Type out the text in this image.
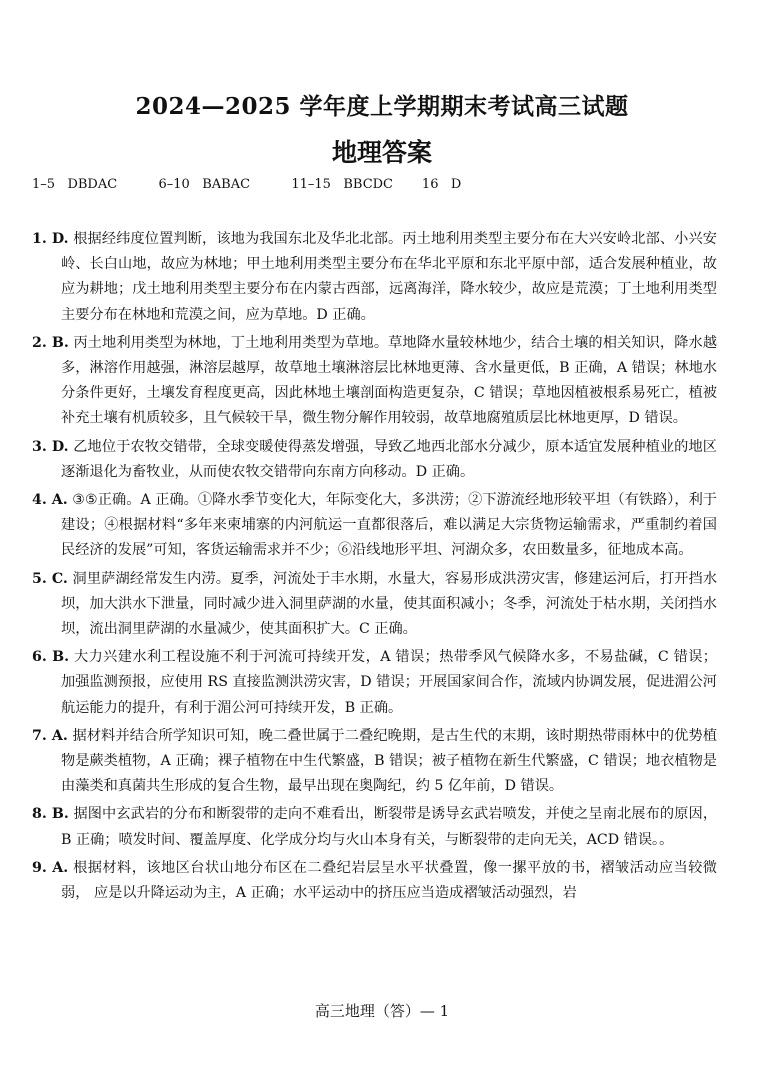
2024—2025 学年度上学期期末考试高三试题
地理答案
1–5   DBDAC          6–10   BABAC          11–15   BBCDC       16   D

1. D. 根据经纬度位置判断，该地为我国东北及华北北部。丙土地利用类型主要分布在大兴安岭北部、小兴安岭、长白山地，故应为林地；甲土地利用类型主要分布在华北平原和东北平原中部，适合发展种植业，故应为耕地；戊土地利用类型主要分布在内蒙古西部，远离海洋，降水较少，故应是荒漠；丁土地利用类型主要分布在林地和荒漠之间，应为草地。D 正确。

2. B. 丙土地利用类型为林地，丁土地利用类型为草地。草地降水量较林地少，结合土壤的相关知识，降水越多，淋溶作用越强，淋溶层越厚，故草地土壤淋溶层比林地更薄、含水量更低，B 正确，A 错误；林地水分条件更好，土壤发育程度更高，因此林地土壤剖面构造更复杂，C 错误；草地因植被根系易死亡，植被补充土壤有机质较多，且气候较干旱，微生物分解作用较弱，故草地腐殖质层比林地更厚，D 错误。

3. D. 乙地位于农牧交错带，全球变暖使得蒸发增强，导致乙地西北部水分减少，原本适宜发展种植业的地区逐渐退化为畜牧业，从而使农牧交错带向东南方向移动。D 正确。

4. A. ③⑤正确。A 正确。①降水季节变化大，年际变化大，多洪涝；②下游流经地形较平坦（有铁路），利于建设；④根据材料“多年来柬埔寨的内河航运一直都很落后，难以满足大宗货物运输需求，严重制约着国民经济的发展”可知，客货运输需求并不少；⑥沿线地形平坦、河湖众多，农田数量多，征地成本高。

5. C. 洞里萨湖经常发生内涝。夏季，河流处于丰水期，水量大，容易形成洪涝灾害，修建运河后，打开挡水坝，加大洪水下泄量，同时减少进入洞里萨湖的水量，使其面积减小；冬季，河流处于枯水期，关闭挡水坝，流出洞里萨湖的水量减少，使其面积扩大。C 正确。

6. B. 大力兴建水利工程设施不利于河流可持续开发，A 错误；热带季风气候降水多，不易盐碱，C 错误； 加强监测预报，应使用 RS 直接监测洪涝灾害，D 错误；开展国家间合作，流域内协调发展，促进湄公河航运能力的提升，有利于湄公河可持续开发，B 正确。

7. A. 据材料并结合所学知识可知，晚二叠世属于二叠纪晚期，是古生代的末期，该时期热带雨林中的优势植物是蕨类植物，A 正确；裸子植物在中生代繁盛，B 错误；被子植物在新生代繁盛，C 错误；地衣植物是由藻类和真菌共生形成的复合生物，最早出现在奥陶纪，约 5 亿年前，D 错误。

8. B. 据图中玄武岩的分布和断裂带的走向不难看出，断裂带是诱导玄武岩喷发，并使之呈南北展布的原因，B 正确；喷发时间、覆盖厚度、化学成分均与火山本身有关，与断裂带的走向无关，ACD 错误。。

9. A. 根据材料，该地区台状山地分布区在二叠纪岩层呈水平状叠置，像一摞平放的书，褶皱活动应当较微弱， 应是以升降运动为主，A 正确；水平运动中的挤压应当造成褶皱活动强烈，岩

高三地理（答）— 1
